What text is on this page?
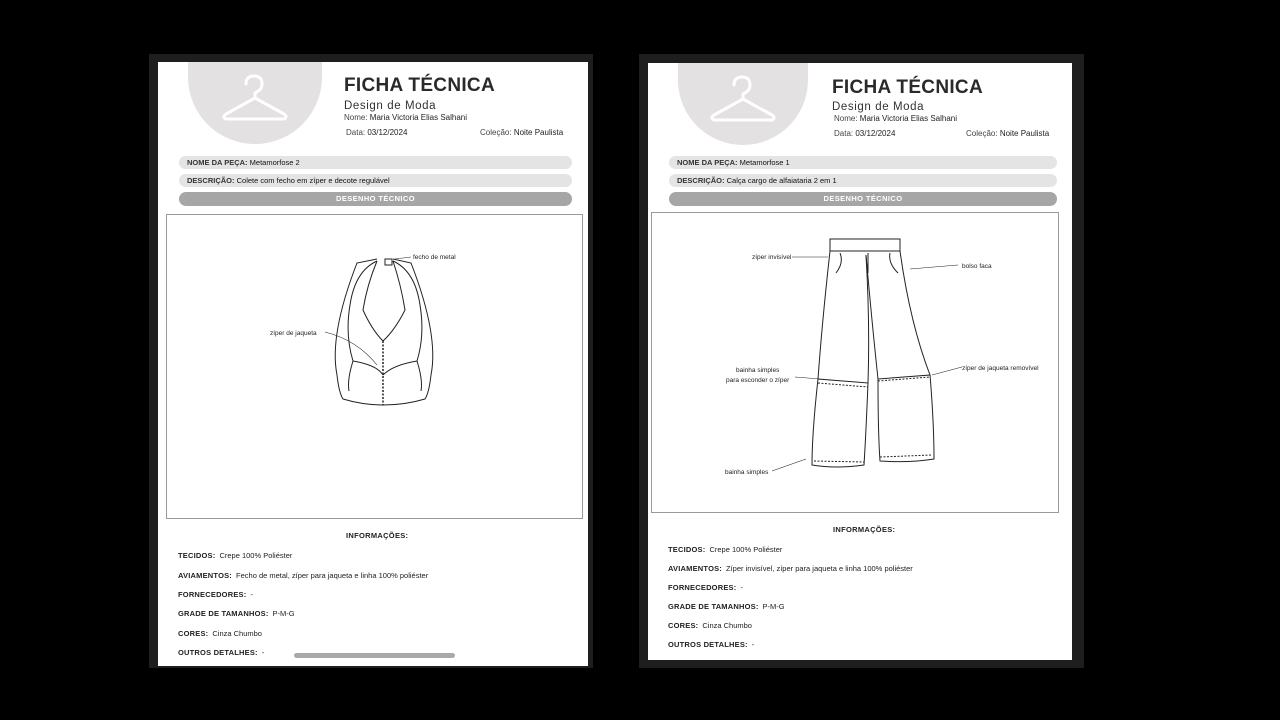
FICHA TÉCNICA
Design de Moda
Nome: Maria Victoria Elias Salhani
Data: 03/12/2024	Coleção: Noite Paulista
NOME DA PEÇA: Metamorfose 2
DESCRIÇÃO: Colete com fecho em zíper e decote regulável
DESENHO TÉCNICO
fecho de metal
zíper de jaqueta
INFORMAÇÕES:
TECIDOS: Crepe 100% Poliéster
AVIAMENTOS: Fecho de metal, zíper para jaqueta e linha 100% poliéster
FORNECEDORES: -
GRADE DE TAMANHOS: P-M-G
CORES: Cinza Chumbo
OUTROS DETALHES: -
FICHA TÉCNICA
Design de Moda
Nome: Maria Victoria Elias Salhani
Data: 03/12/2024	Coleção: Noite Paulista
NOME DA PEÇA: Metamorfose 1
DESCRIÇÃO: Calça cargo de alfaiataria 2 em 1
DESENHO TÉCNICO
zíper invisível
bolso faca
bainha simples
para esconder o zíper
zíper de jaqueta removível
bainha simples
INFORMAÇÕES:
TECIDOS: Crepe 100% Poliéster
AVIAMENTOS: Zíper invisível, zíper para jaqueta e linha 100% poliéster
FORNECEDORES: -
GRADE DE TAMANHOS: P-M-G
CORES: Cinza Chumbo
OUTROS DETALHES: -
